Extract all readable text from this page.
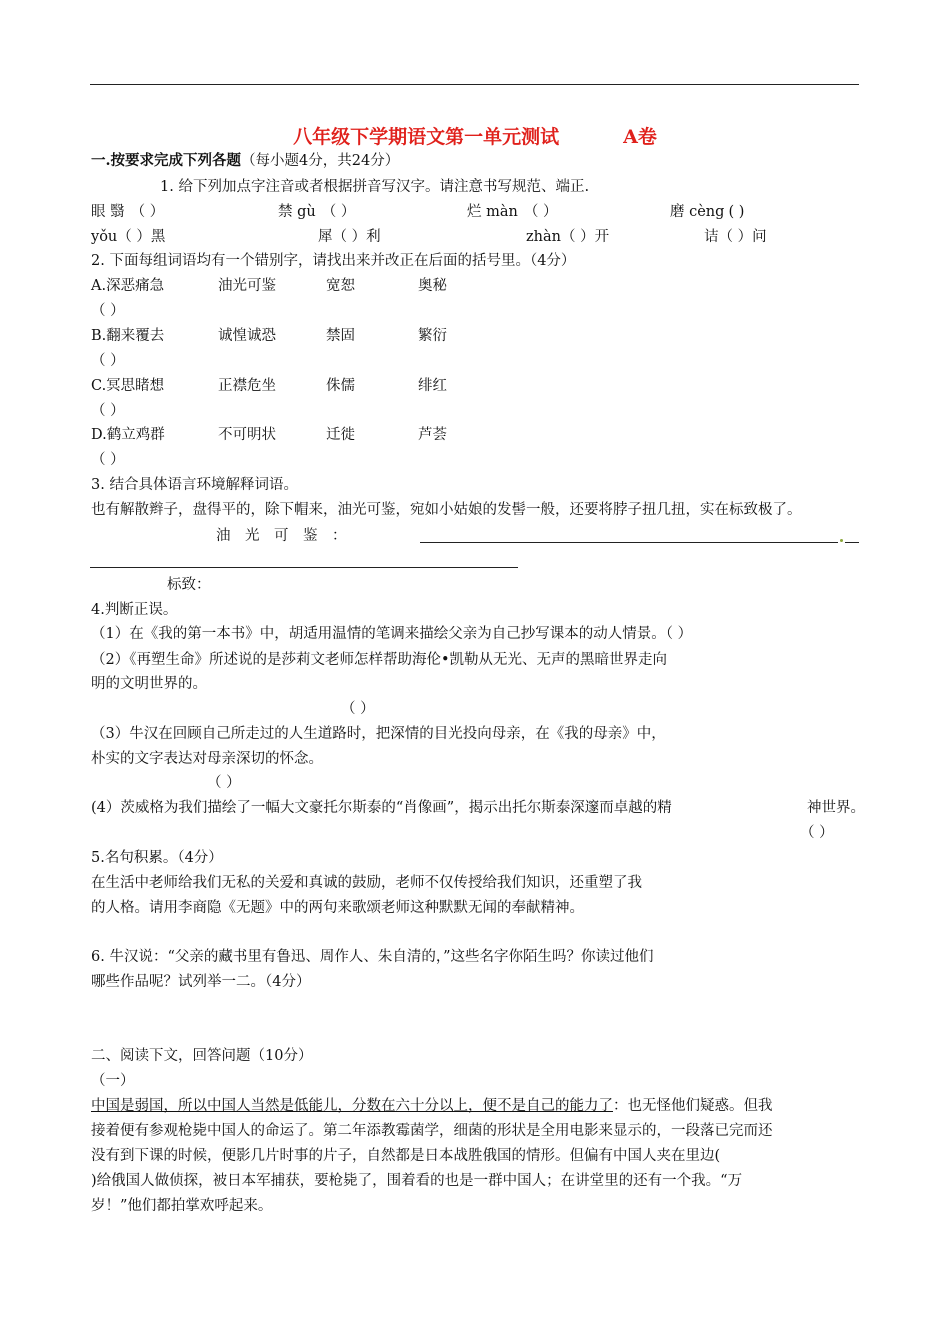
八年级下学期语文第一单元测试	A卷
一.按要求完成下列各题（每小题4分，共24分）
1. 给下列加点字注音或者根据拼音写汉字。请注意书写规范、端正.
眼 翳 （ ）	禁 gù （ ）	烂 màn （ ）	磨 cèng ( )
yǒu（ ）黑	犀（ ）利	zhàn（ ）开	诘（ ）问
2. 下面每组词语均有一个错别字，请找出来并改正在后面的括号里。（4分）
A.深恶痛急	油光可鉴	宽恕	奥秘
（ ）
B.翻来覆去	诚惶诚恐	禁固	繁衍
（ ）
C.冥思睹想	正襟危坐	侏儒	绯红
（ ）
D.鹤立鸡群	不可明状	迁徙	芦荟
（ ）
3. 结合具体语言环境解释词语。
也有解散辫子，盘得平的，除下帽来，油光可鉴，宛如小姑娘的发髻一般，还要将脖子扭几扭，实在标致极了。
油　光　可　鉴　：
标致：
4.判断正误。
（1）在《我的第一本书》中，胡适用温情的笔调来描绘父亲为自己抄写课本的动人情景。（ ）
（2）《再塑生命》所述说的是莎莉文老师怎样帮助海伦•凯勒从无光、无声的黑暗世界走向
明的文明世界的。
（ ）
（3）牛汉在回顾自己所走过的人生道路时，把深情的目光投向母亲，在《我的母亲》中，
朴实的文字表达对母亲深切的怀念。
（ ）
(4）茨威格为我们描绘了一幅大文豪托尔斯泰的“肖像画”，揭示出托尔斯泰深邃而卓越的精	神世界。
（ ）
5.名句积累。（4分）
在生活中老师给我们无私的关爱和真诚的鼓励，老师不仅传授给我们知识，还重塑了我
的人格。请用李商隐《无题》中的两句来歌颂老师这种默默无闻的奉献精神。
6. 牛汉说：“父亲的藏书里有鲁迅、周作人、朱自清的，”这些名字你陌生吗？你读过他们
哪些作品呢？试列举一二。（4分）
二、阅读下文，回答问题（10分）
（一）
中国是弱国，所以中国人当然是低能儿，分数在六十分以上，便不是自己的能力了：也无怪他们疑惑。但我
接着便有参观枪毙中国人的命运了。第二年添教霉菌学，细菌的形状是全用电影来显示的，一段落已完而还
没有到下课的时候，便影几片时事的片子，自然都是日本战胜俄国的情形。但偏有中国人夹在里边(
)给俄国人做侦探，被日本军捕获，要枪毙了，围着看的也是一群中国人；在讲堂里的还有一个我。“万
岁！”他们都拍掌欢呼起来。
